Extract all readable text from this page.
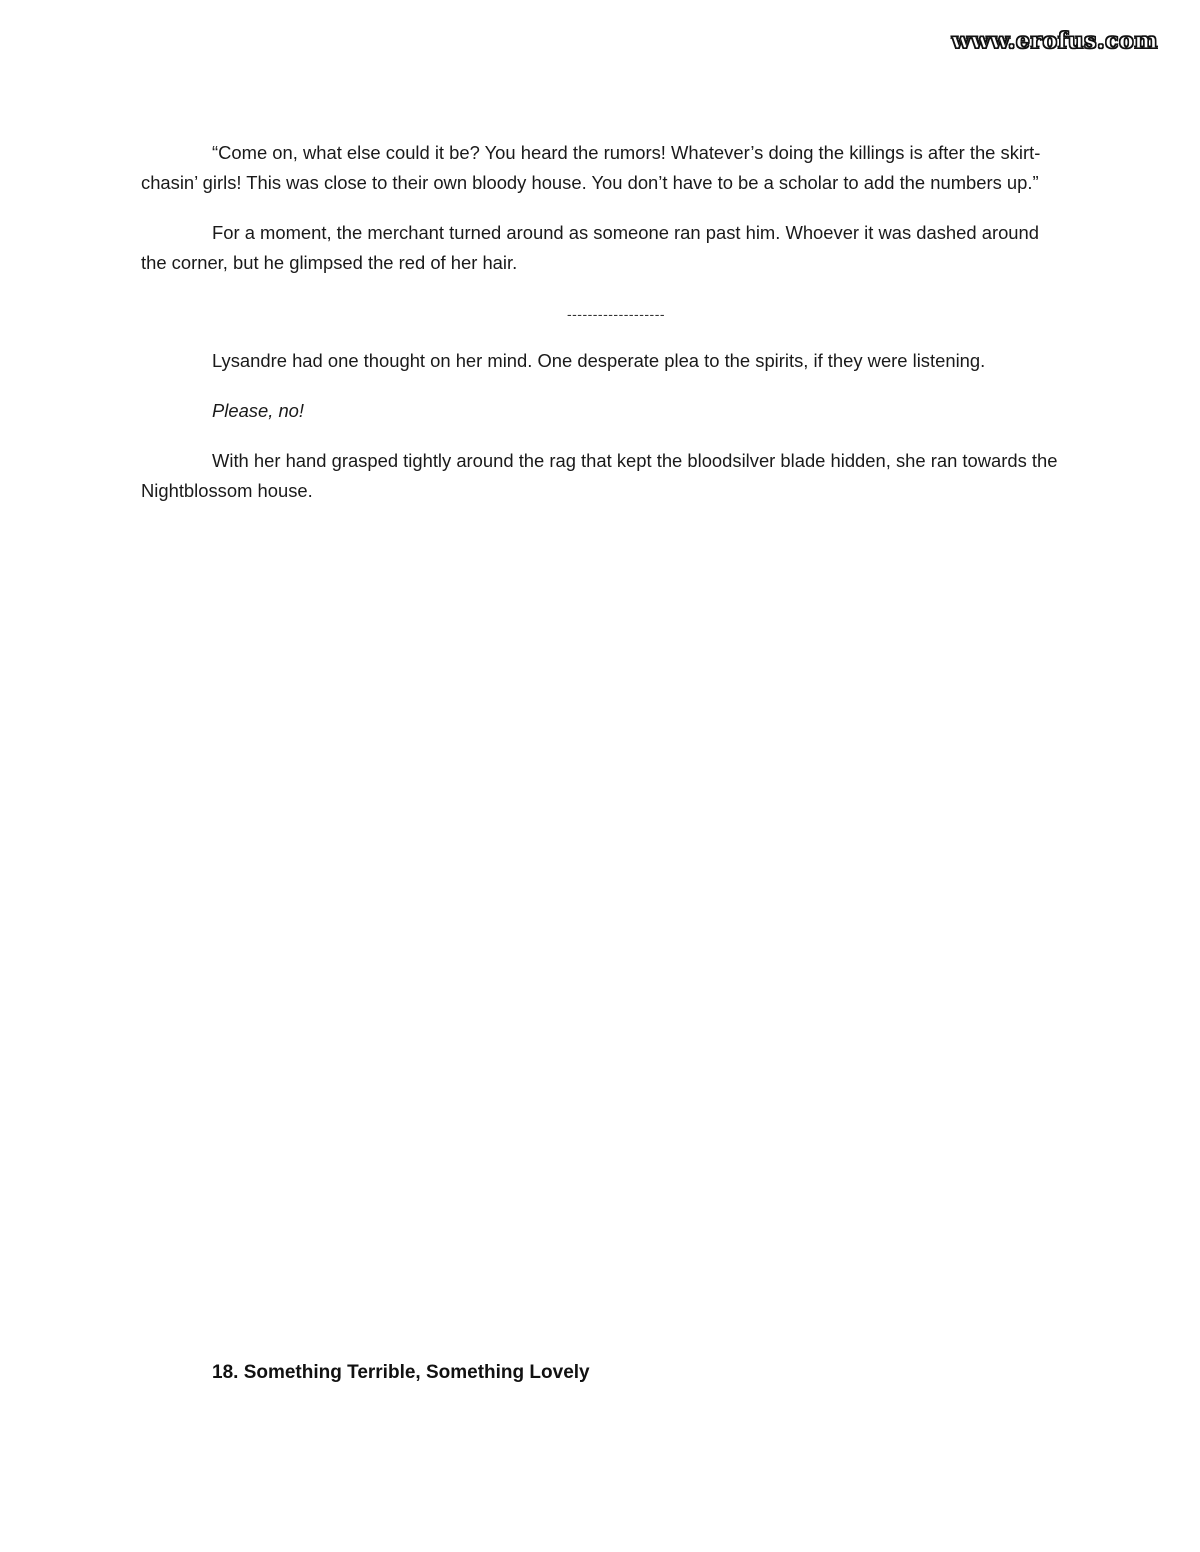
www.erofus.com

“Come on, what else could it be? You heard the rumors! Whatever’s doing the killings is after the skirt-chasin’ girls! This was close to their own bloody house. You don’t have to be a scholar to add the numbers up.”

For a moment, the merchant turned around as someone ran past him. Whoever it was dashed around the corner, but he glimpsed the red of her hair.

-------------------

Lysandre had one thought on her mind. One desperate plea to the spirits, if they were listening.

Please, no!

With her hand grasped tightly around the rag that kept the bloodsilver blade hidden, she ran towards the Nightblossom house.

18. Something Terrible, Something Lovely
